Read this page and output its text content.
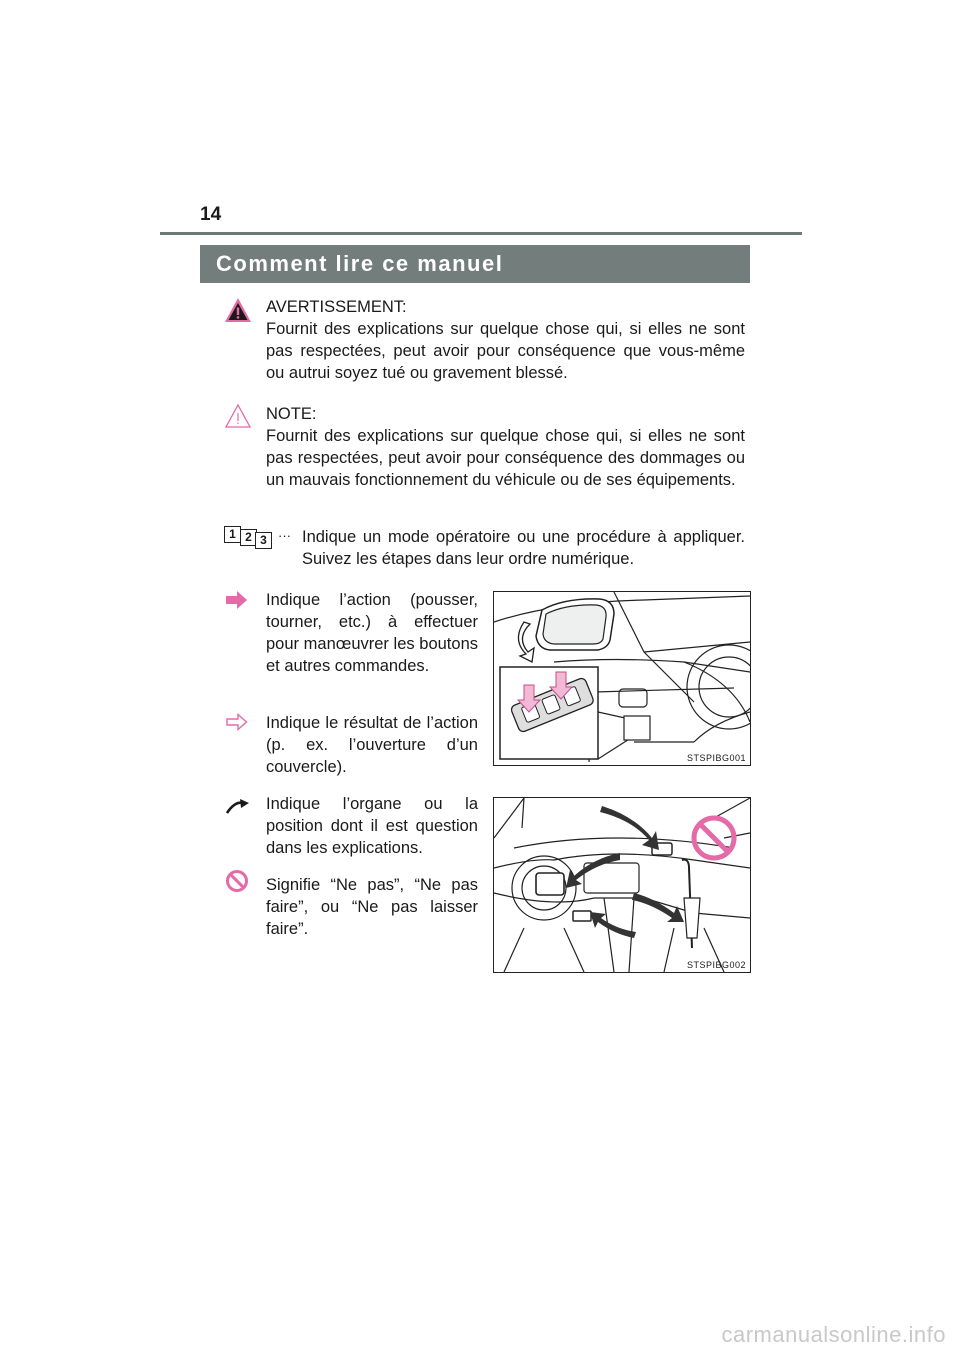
14
Comment lire ce manuel
AVERTISSEMENT:
Fournit des explications sur quelque chose qui, si elles ne sont pas respectées, peut avoir pour conséquence que vous-même ou autrui soyez tué ou gravement blessé.
NOTE:
Fournit des explications sur quelque chose qui, si elles ne sont pas respectées, peut avoir pour conséquence des dommages ou un mauvais fonctionnement du véhicule ou de ses équipements.
1 2 3 ··· Indique un mode opératoire ou une procédure à appliquer. Suivez les étapes dans leur ordre numérique.
Indique l’action (pousser, tourner, etc.) à effectuer pour manœuvrer les boutons et autres commandes.
Indique le résultat de l’action (p. ex. l’ouverture d’un couvercle).
Indique l’organe ou la position dont il est question dans les explications.
Signifie “Ne pas”, “Ne pas faire”, ou “Ne pas laisser faire”.
STSPIBG001
STSPIBG002
carmanualsonline.info
